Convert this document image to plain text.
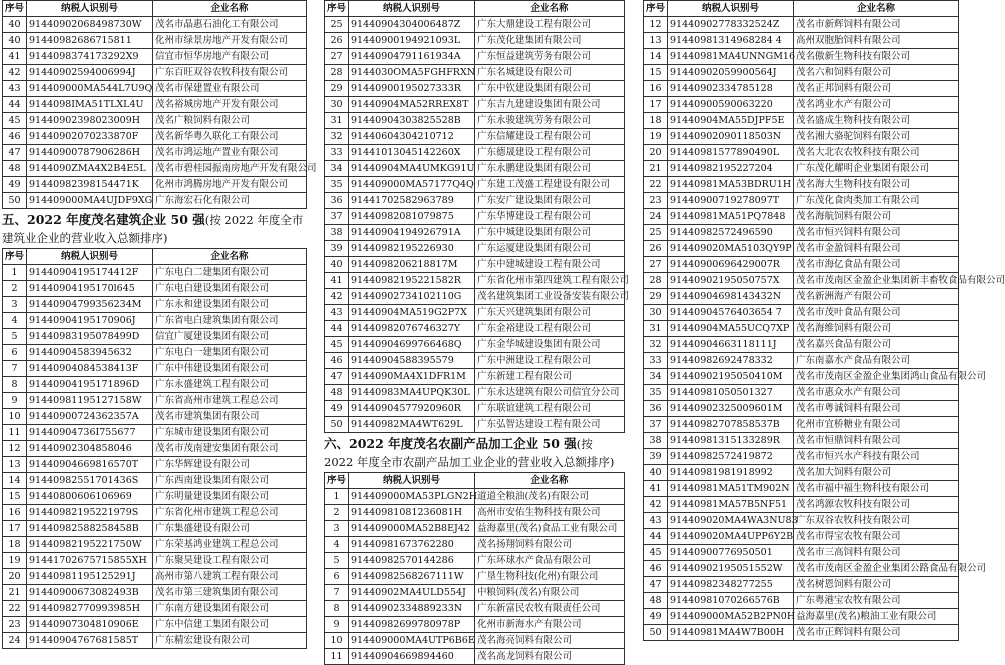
序号	纳税人识别号	企业名称
40	91440902068498730W	茂名市晶惠石油化工有限公司
40	91440982686715811	化州市绿景房地产开发有限公司
41	9144098374173292X9	信宜市恒华房地产有限公司
42	91440902594006994J	广东百旺双谷农牧科技有限公司
43	914409000MA544L7U9Q	茂名市保建置业有限公司
44	9144098IMA51TLXL4U	茂名裕城房地产开发有限公司
45	91440902398023009H	茂名广粮饲料有限公司
46	91440902070233870F	茂名新华粤久联化工有限公司
47	91440900787906286H	茂名市鸿运地产置业有限公司
48	9144090ZMA4X2B4E5L	茂名市碧桂园振南房地产开发有限公司
49	91440982398154471K	化州市鸿腾房地产开发有限公司
50	914409000MA4UJDF9XG	广东海宏石化有限公司

五、2022 年度茂名建筑企业 50 强(按 2022 年度全市建筑业企业的营业收入总额排序)

序号	纳税人识别号	企业名称
1	91440904195174412F	广东电白二建集团有限公司
2	91440904195170l645	广东电白建设集团有限公司
3	91440904799356234M	广东永和建设集团有限公司
4	91440904195170906J	广东省电白建筑集团有限公司
5	91440983195078499D	信宜广厦建设集团有限公司
6	91440904583945632	广东电白一建集团有限公司
7	91440904084538413F	广东中伟建设集团有限公司
8	91440904195171896D	广东永盛建筑工程有限公司
9	91440981195127158W	广东省高州市建筑工程总公司
10	91440900724362357A	茂名市建筑集团有限公司
11	91440904736I755677	广东城市建设集团有限公司
12	91440902304858046	茂名市茂南建安集团有限公司
13	91440904669816570T	广东华辉建设有限公司
14	91440982551701436S	广东西南建设集团有限公司
15	91440800606106969	广东明量建设集团有限公司
16	91440982195221979S	广东省化州市建筑工程总公司
17	91440982588258458B	广东集盛建设有限公司
18	91440982195221750W	广东荣基鸿业建筑工程总公司
19	91441702675715855XH	广东聚昊建设工程有限公司
20	91440981195125291J	高州市第八建筑工程有限公司
21	91440900673082493B	茂名市第三建筑集团有限公司
22	91440982770993985H	广东南方建设集团有限公司
23	91440907304810906E	广东中信建工集团有限公司
24	91440904767681585T	广东精宏建设有限公司
序号	纳税人识别号	企业名称
25	91440904304006487Z	广东大鼎建设工程有限公司
26	91440900194921093L	广东茂化建集团有限公司
27	91440904791161934A	广东恒益建筑劳务有限公司
28	9144030OMA5FGHFRXN	广东名城建设有限公司
29	91440900195027333R	广东中钦建设集团有限公司
30	91440904MA52RREX8T	广东吉九建建设集团有限公司
31	91440904303825528B	广东永骏建筑劳务有限公司
32	91440604304210712	广东信耀建设工程有限公司
33	91441013045142260X	广东德晟建设工程有限公司
34	91440904MA4UMKG91U	广东永鹏建设集团有限公司
35	914409000MA57177Q4Q	广东建工茂盛工程建设有限公司
36	91441702582963789	广东安广建设集团有限公司
37	91440982081079875	广东华博建设工程有限公司
38	91440904194926791A	广东中城建设集团有限公司
39	91440982195226930	广东运厦建设集团有限公司
40	9144098206218817M	广东中建城建设工程有限公司
41	91440982195221582R	广东省化州市第四建筑工程有限公司
42	91440902734102110G	茂名建筑集团工业设备安装有限公司
43	91440904MA519G2P7X	广东天兴建筑集团有限公司
44	91440982076746327Y	广东金裕建设工程有限公司
45	91440904699766468Q	广东金华城建设集团有限公司
46	91440904588395579	广东中洲建设工程有限公司
47	9144090MA4X1DFR1M	广东新建工程有限公司
48	91440983MA4UPQK30L	广东永达建筑有限公司信宜分公司
49	91440904577920960R	广东联谊建筑工程有限公司
50	91440982MA4WT629L	广东弘智达建设工程有限公司

六、2022 年度茂名农副产品加工企业 50 强(按 2022 年度全市农副产品加工业企业的营业收入总额排序)

序号	纳税人识别号	企业名称
1	914409000MA53PLGN2H	道道全粮油(茂名)有限公司
2	91440981081236081H	高州市安佑生物科技有限公司
3	914409000MA52B8EJ42	益海嘉里(茂名)食品工业有限公司
4	91440981673762280	茂名扬翔饲料有限公司
5	91440982570144286	广东环球水产食品有限公司
6	91440982568267111W	广垦生物科技(化州)有限公司
7	91440902MA4ULD554J	中粮饲料(茂名)有限公司
8	91440902334889233N	广东新富民农牧有限责任公司
9	91440982699780978P	化州市新海水产有限公司
10	914409000MA4UTP6B6E	茂名海亮饲料有限公司
11	91440904669894460	茂名高龙饲料有限公司
序号	纳税人识别号	企业名称
12	91440902778332524Z	茂名市新辉饲料有限公司
13	91440981314968284 4	高州双胞胎饲料有限公司
14	91440981MA4UNNGM16	茂名傲新生物科技有限公司
15	91440902059900564J	茂名六和饲料有限公司
16	91440902334785128	茂名正邦饲料有限公司
17	91440900590063220	茂名鸿业水产有限公司
18	91440904MA55DJPF5E	茂名盛成生物科技有限公司
19	91440902090118503N	茂名湘大骆驼饲料有限公司
20	91440981577890490L	茂名大北农农牧科技有限公司
21	91440982195227204	广东茂化耀明企业集团有限公司
22	91440981MA53BDRU1H	茂名海大生物科技有限公司
23	91440900719278097T	广东茂化食肉类加工有限公司
24	91440981MA51PQ7848	茂名海航饲料有限公司
25	91440982572496590	茂名市恒兴饲料有限公司
26	914409020MA5103QY9P	茂名市金盈饲料有限公司
27	91440900696429007R	茂名市海亿食品有限公司
28	91440902195050757X	茂名市茂南区金盈企业集团新丰畜牧食品有限公司
29	91440904698143432N	茂名新洲海产有限公司
30	91440904576403654 7	茂名市茂叶食品有限公司
31	91440904MA55UCQ7XP	茂名海维饲料有限公司
32	91440904663118111J	茂名嘉兴食品有限公司
33	91440982692478332	广东南嘉水产食品有限公司
34	91440902195050410M	茂名市茂南区金盈企业集团鸿山食品有限公司
35	91440981050501327	茂名市惠众水产有限公司
36	91440902325009601M	茂名市粤诚饲料有限公司
37	91440982707858537B	化州市宜桥糖业有限公司
38	91440981315133289R	茂名市恒鼎饲料有限公司
39	91440982572419872	茂名市恒兴水产科技有限公司
40	91440981981918992	茂名加大饲料有限公司
41	91440981MA51TM902N	茂名市福中福生物科技有限公司
42	91440981MA57B5NF51	茂名鸿源农牧科技有限公司
43	914409020MA4WA3NU83	广东双谷农牧科技有限公司
44	914409020MA4UPP6Y2B	茂名市得宝农牧有限公司
45	91440900776950501	茂名市三高饲料有限公司
46	91440902195051552W	茂名市茂南区金盈企业集团公路食品有限公司
47	91440982348277255	茂名树恩饲料有限公司
48	91440981070266576B	广东粤港宝农牧有限公司
49	914409000MA52B2PN0H	益海嘉里(茂名)粮油工业有限公司
50	91440981MA4W7B00H	茂名市正辉饲料有限公司
